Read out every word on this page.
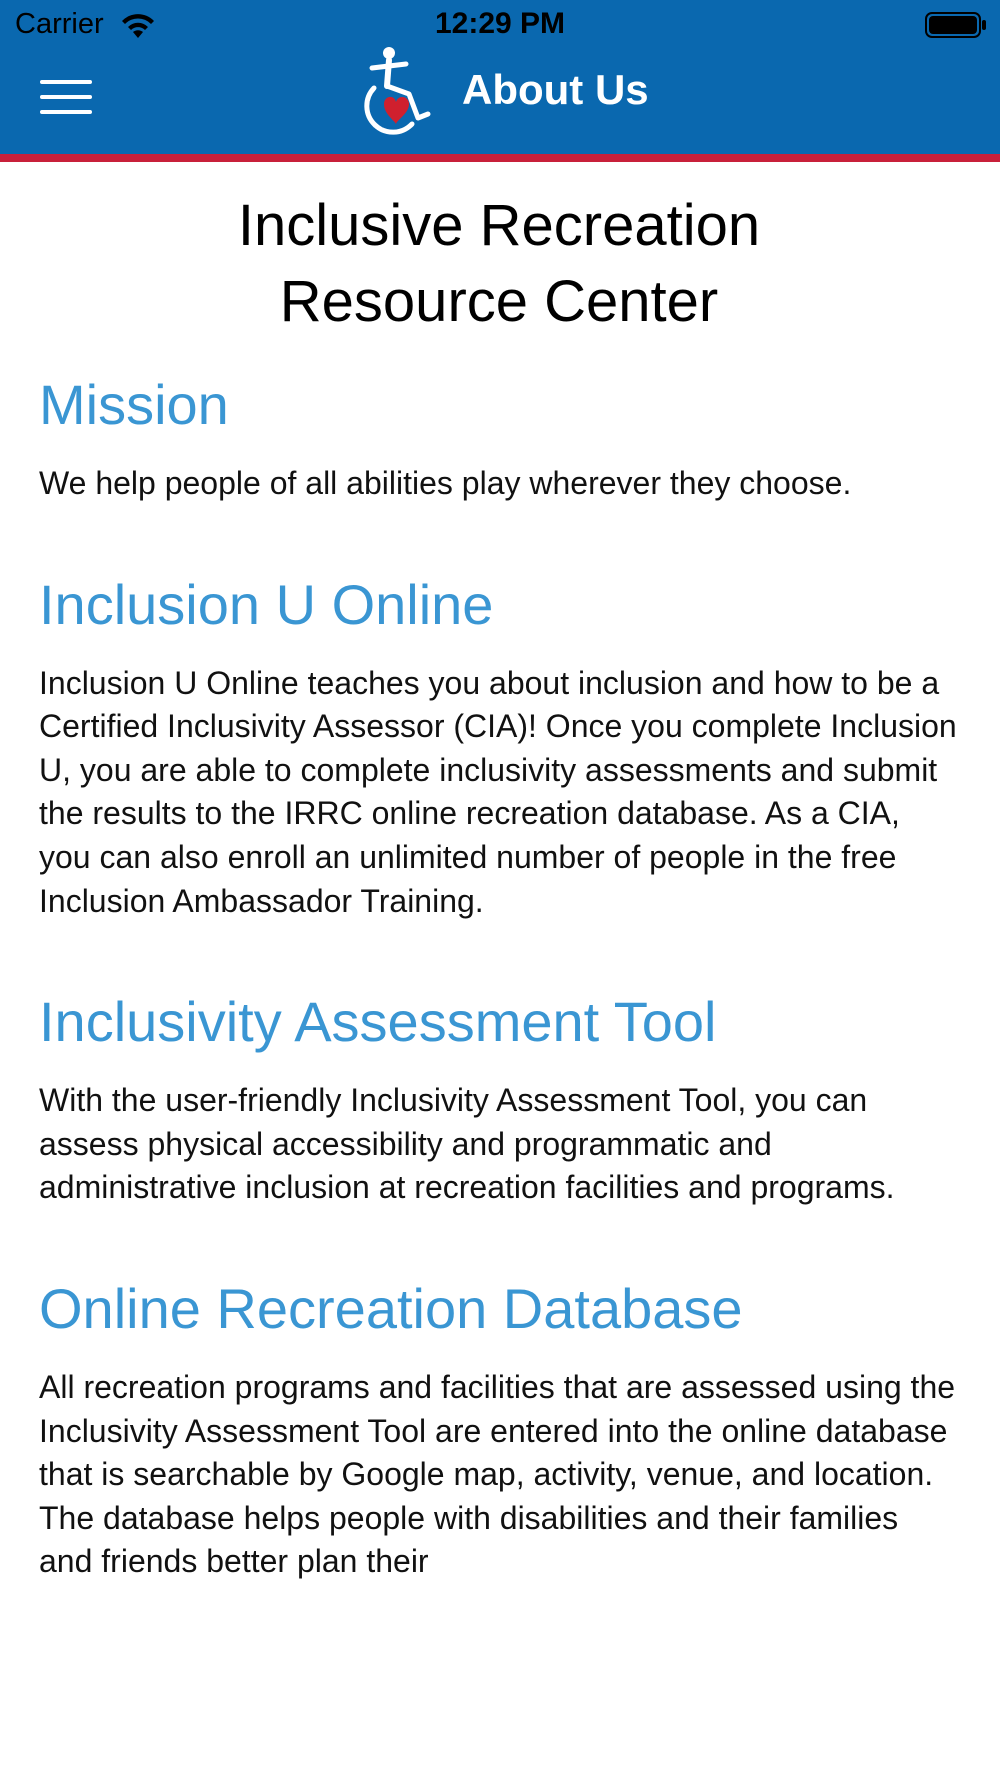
Carrier	12:29 PM
About Us
Inclusive Recreation
Resource Center
Mission

We help people of all abilities play wherever they choose.

Inclusion U Online

Inclusion U Online teaches you about inclusion and how to be a Certified Inclusivity Assessor (CIA)! Once you complete Inclusion U, you are able to complete inclusivity assessments and submit the results to the IRRC online recreation database. As a CIA, you can also enroll an unlimited number of people in the free Inclusion Ambassador Training.

Inclusivity Assessment Tool

With the user-friendly Inclusivity Assessment Tool, you can assess physical accessibility and programmatic and administrative inclusion at recreation facilities and programs.

Online Recreation Database

All recreation programs and facilities that are assessed using the Inclusivity Assessment Tool are entered into the online database that is searchable by Google map, activity, venue, and location. The database helps people with disabilities and their families and friends better plan their
